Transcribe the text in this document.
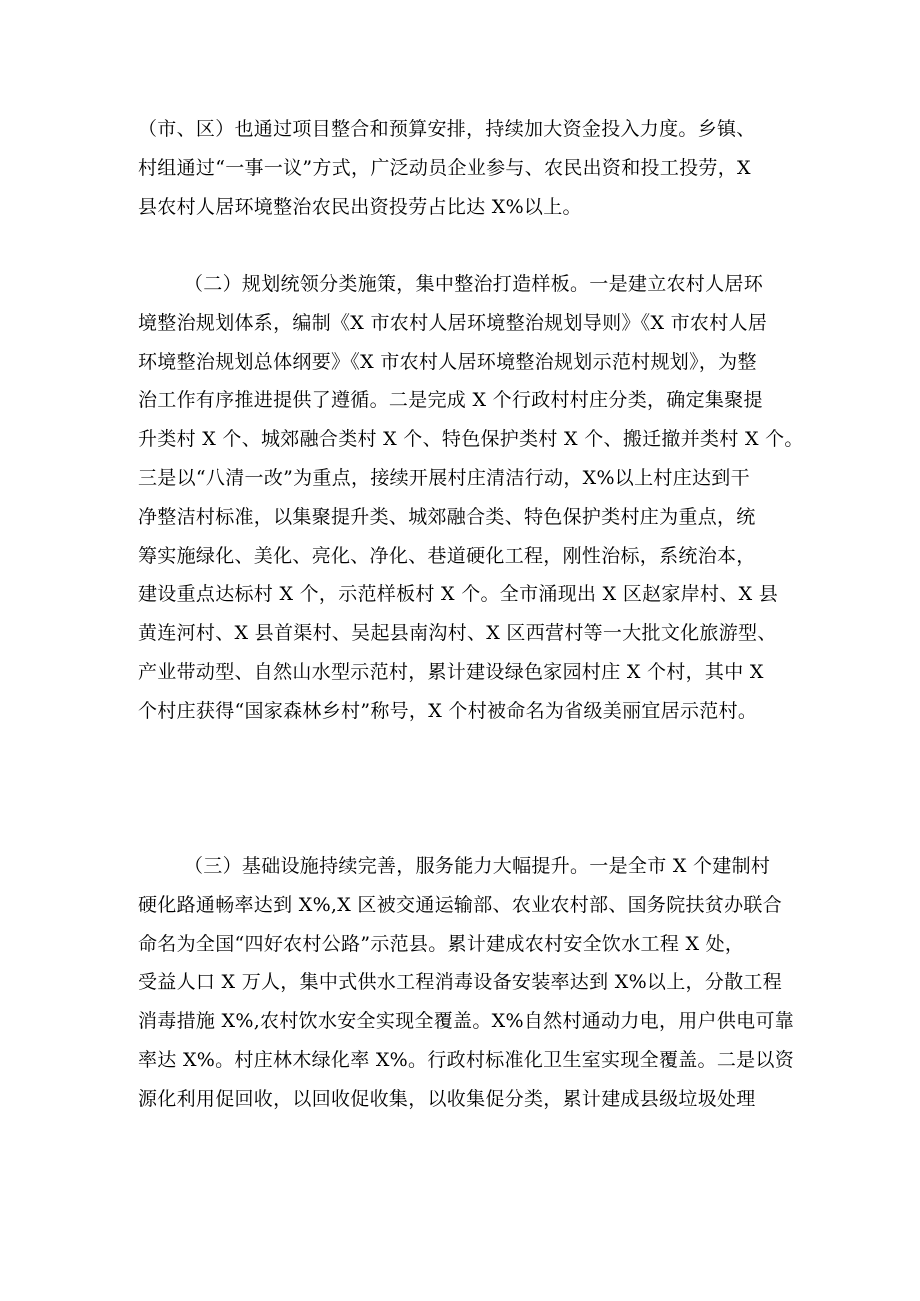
（市、区）也通过项目整合和预算安排，持续加大资金投入力度。乡镇、
村组通过“一事一议”方式，广泛动员企业参与、农民出资和投工投劳，X
县农村人居环境整治农民出资投劳占比达 X%以上。
（二）规划统领分类施策，集中整治打造样板。一是建立农村人居环
境整治规划体系，编制《X 市农村人居环境整治规划导则》《X 市农村人居
环境整治规划总体纲要》《X 市农村人居环境整治规划示范村规划》，为整
治工作有序推进提供了遵循。二是完成 X 个行政村村庄分类，确定集聚提
升类村 X 个、城郊融合类村 X 个、特色保护类村 X 个、搬迁撤并类村 X 个。
三是以“八清一改”为重点，接续开展村庄清洁行动，X%以上村庄达到干
净整洁村标准，以集聚提升类、城郊融合类、特色保护类村庄为重点，统
筹实施绿化、美化、亮化、净化、巷道硬化工程，刚性治标，系统治本，
建设重点达标村 X 个，示范样板村 X 个。全市涌现出 X 区赵家岸村、X 县
黄连河村、X 县首渠村、吴起县南沟村、X 区西营村等一大批文化旅游型、
产业带动型、自然山水型示范村，累计建设绿色家园村庄 X 个村，其中 X
个村庄获得“国家森林乡村”称号，X 个村被命名为省级美丽宜居示范村。
（三）基础设施持续完善，服务能力大幅提升。一是全市 X 个建制村
硬化路通畅率达到 X%,X 区被交通运输部、农业农村部、国务院扶贫办联合
命名为全国“四好农村公路”示范县。累计建成农村安全饮水工程 X 处，
受益人口 X 万人，集中式供水工程消毒设备安装率达到 X%以上，分散工程
消毒措施 X%,农村饮水安全实现全覆盖。X%自然村通动力电，用户供电可靠
率达 X%。村庄林木绿化率 X%。行政村标准化卫生室实现全覆盖。二是以资
源化利用促回收，以回收促收集，以收集促分类，累计建成县级垃圾处理
